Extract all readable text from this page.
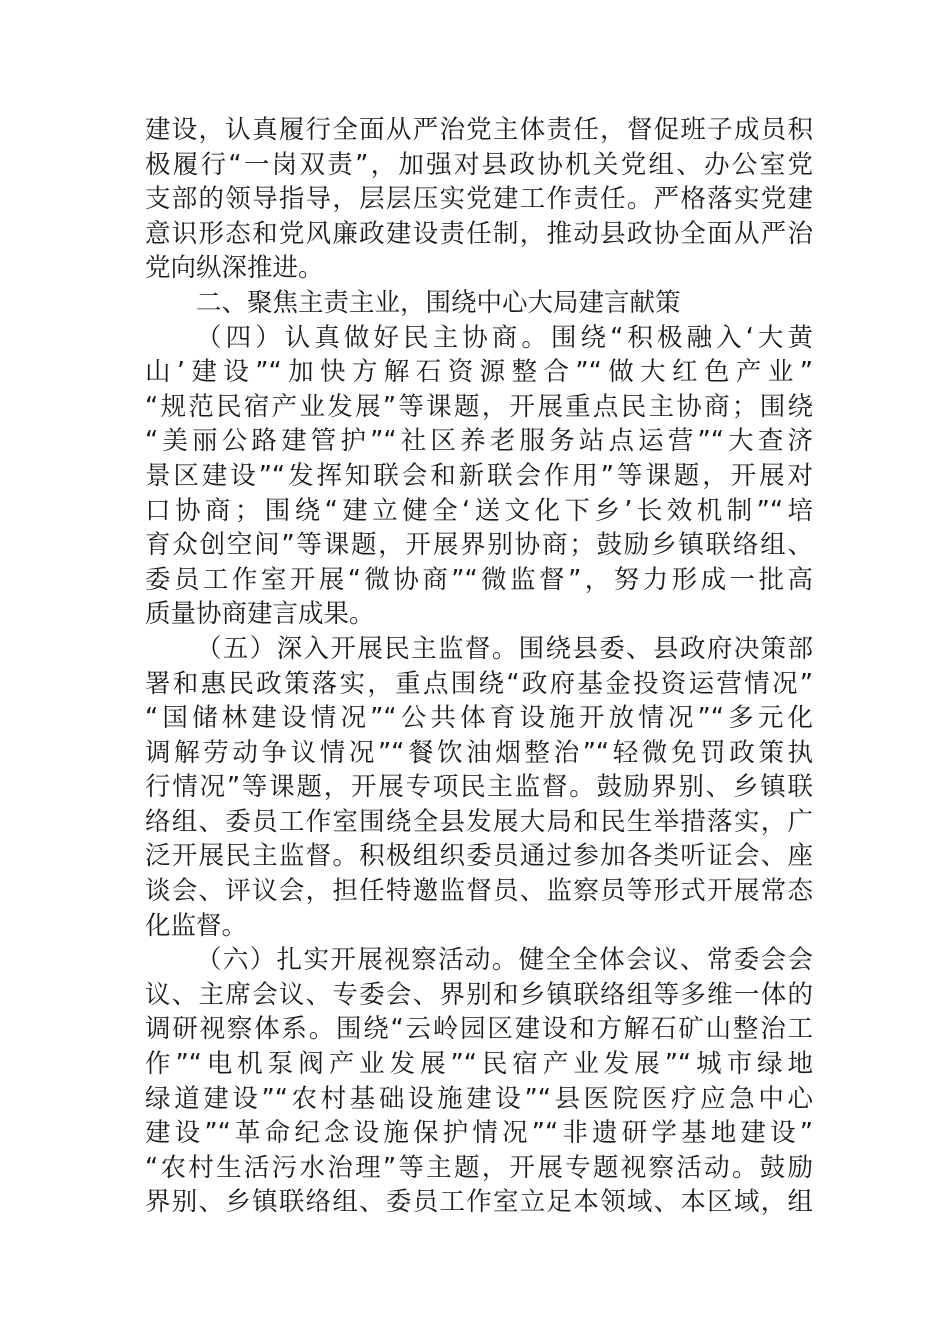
建设，认真履行全面从严治党主体责任，督促班子成员积
极履行“一岗双责”，加强对县政协机关党组、办公室党
支部的领导指导，层层压实党建工作责任。严格落实党建
意识形态和党风廉政建设责任制，推动县政协全面从严治
党向纵深推进。
二、聚焦主责主业，围绕中心大局建言献策
（四）认真做好民主协商。围绕“积极融入‘大黄
山’建设”“加快方解石资源整合”“做大红色产业”
“规范民宿产业发展”等课题，开展重点民主协商；围绕
“美丽公路建管护”“社区养老服务站点运营”“大查济
景区建设”“发挥知联会和新联会作用”等课题，开展对
口协商；围绕“建立健全‘送文化下乡’长效机制”“培
育众创空间”等课题，开展界别协商；鼓励乡镇联络组、
委员工作室开展“微协商”“微监督”，努力形成一批高
质量协商建言成果。
（五）深入开展民主监督。围绕县委、县政府决策部
署和惠民政策落实，重点围绕“政府基金投资运营情况”
“国储林建设情况”“公共体育设施开放情况”“多元化
调解劳动争议情况”“餐饮油烟整治”“轻微免罚政策执
行情况”等课题，开展专项民主监督。鼓励界别、乡镇联
络组、委员工作室围绕全县发展大局和民生举措落实，广
泛开展民主监督。积极组织委员通过参加各类听证会、座
谈会、评议会，担任特邀监督员、监察员等形式开展常态
化监督。
（六）扎实开展视察活动。健全全体会议、常委会会
议、主席会议、专委会、界别和乡镇联络组等多维一体的
调研视察体系。围绕“云岭园区建设和方解石矿山整治工
作”“电机泵阀产业发展”“民宿产业发展”“城市绿地
绿道建设”“农村基础设施建设”“县医院医疗应急中心
建设”“革命纪念设施保护情况”“非遗研学基地建设”
“农村生活污水治理”等主题，开展专题视察活动。鼓励
界别、乡镇联络组、委员工作室立足本领域、本区域，组
